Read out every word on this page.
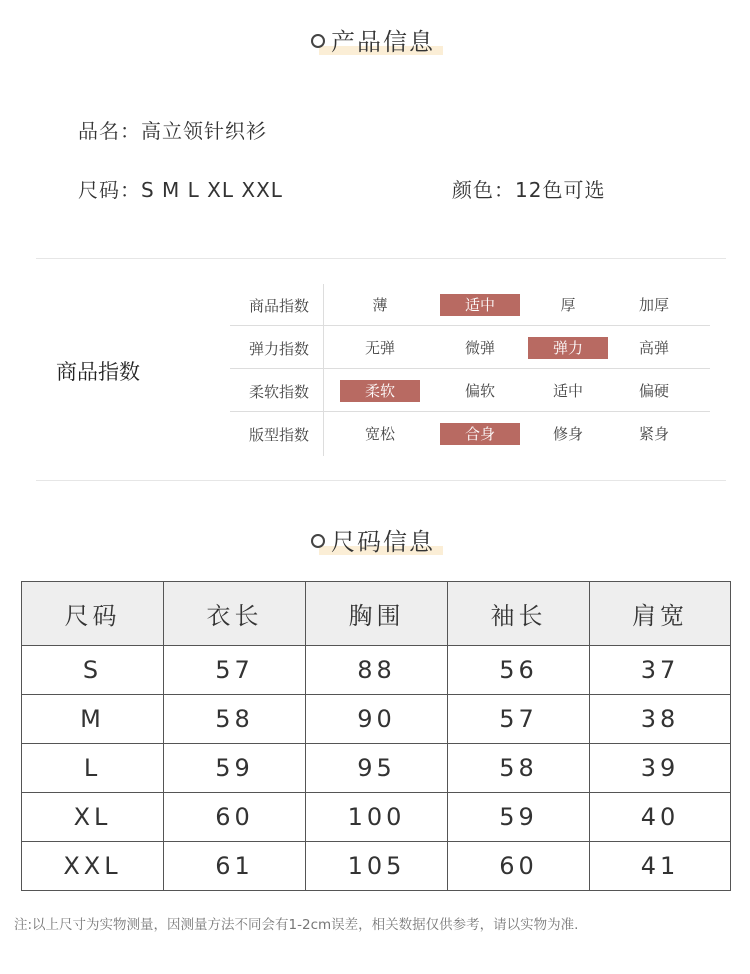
产品信息
品名：高立领针织衫
尺码：S M L XL XXL	颜色：12色可选
商品指数
商品指数	薄	适中	厚	加厚
弹力指数	无弹	微弹	弹力	高弹
柔软指数	柔软	偏软	适中	偏硬
版型指数	宽松	合身	修身	紧身
尺码信息
尺码	衣长	胸围	袖长	肩宽
S	57	88	56	37
M	58	90	57	38
L	59	95	58	39
XL	60	100	59	40
XXL	61	105	60	41
注:以上尺寸为实物测量，因测量方法不同会有1-2cm误差，相关数据仅供参考，请以实物为准.
